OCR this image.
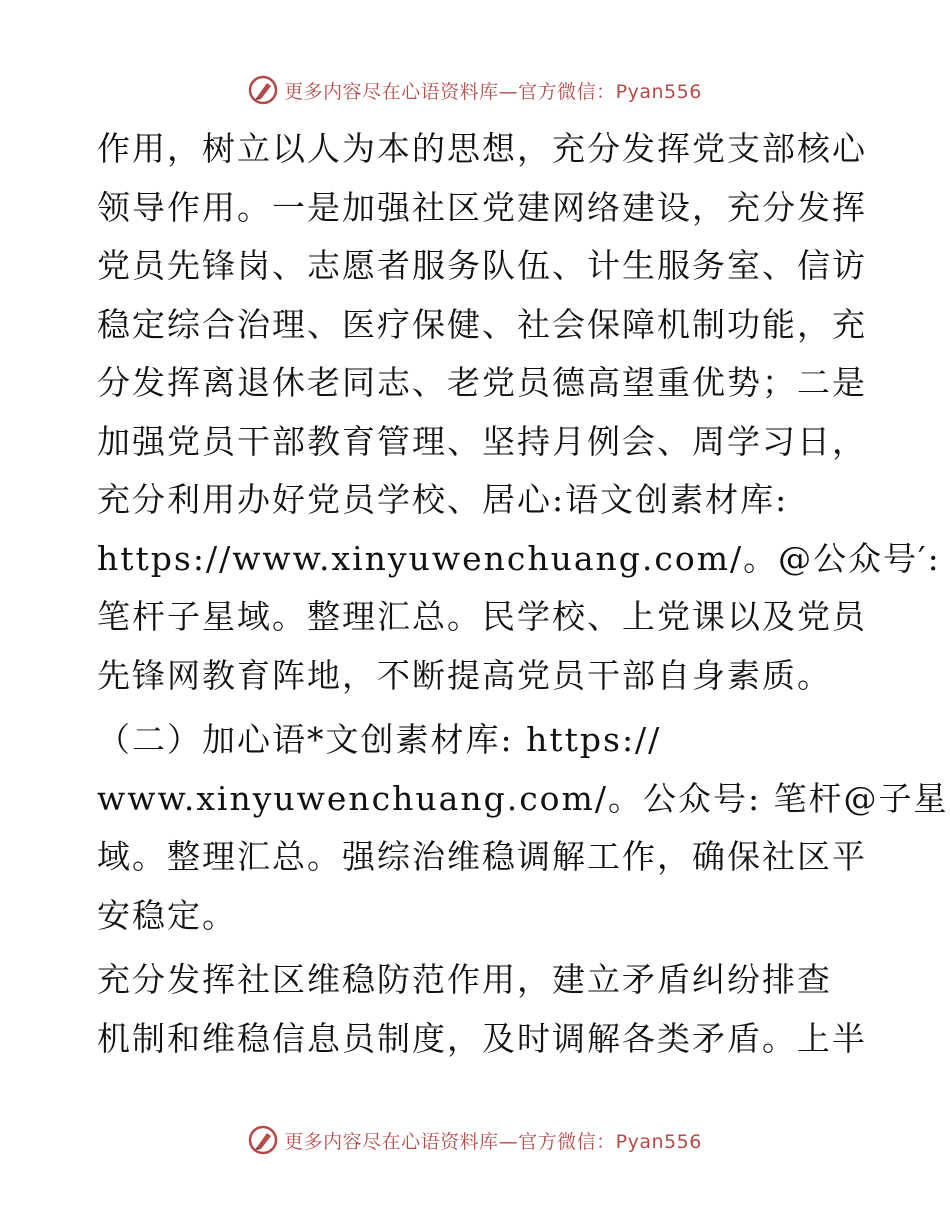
更多内容尽在心语资料库—官方微信：Pyan556
作用，树立以人为本的思想，充分发挥党支部核心
领导作用。一是加强社区党建网络建设，充分发挥
党员先锋岗、志愿者服务队伍、计生服务室、信访
稳定综合治理、医疗保健、社会保障机制功能，充
分发挥离退休老同志、老党员德高望重优势；二是
加强党员干部教育管理、坚持月例会、周学习日，
充分利用办好党员学校、居心:语文创素材库:
https://www.xinyuwenchuang.com/。@公众号′:
笔杆子星域。整理汇总。民学校、上党课以及党员
先锋网教育阵地，不断提高党员干部自身素质。
（二）加心语*文创素材库: https://
www.xinyuwenchuang.com/。公众号: 笔杆@子星
域。整理汇总。强综治维稳调解工作，确保社区平
安稳定。
充分发挥社区维稳防范作用，建立矛盾纠纷排查
机制和维稳信息员制度，及时调解各类矛盾。上半
更多内容尽在心语资料库—官方微信：Pyan556
